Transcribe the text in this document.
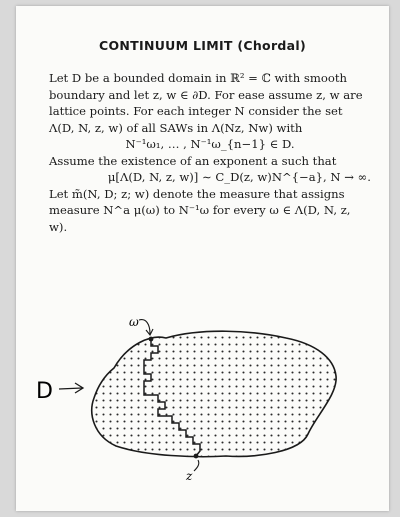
CONTINUUM LIMIT (Chordal)

Let D be a bounded domain in ℝ² = ℂ with smooth boundary and let z, w ∈ ∂D. For ease assume z, w are lattice points. For each integer N consider the set Λ(D, N, z, w) of all SAWs in Λ(Nz, Nw) with

N⁻¹ω₁, … , N⁻¹ω_{n−1} ∈ D.

Assume the existence of an exponent a such that

μ[Λ(D, N, z, w)] ∼ C_D(z, w)N^{−a}, N → ∞.

Let m̃(N, D; z; w) denote the measure that assigns measure N^a μ(ω) to N⁻¹ω for every ω ∈ Λ(D, N, z, w).

ω
z
D
